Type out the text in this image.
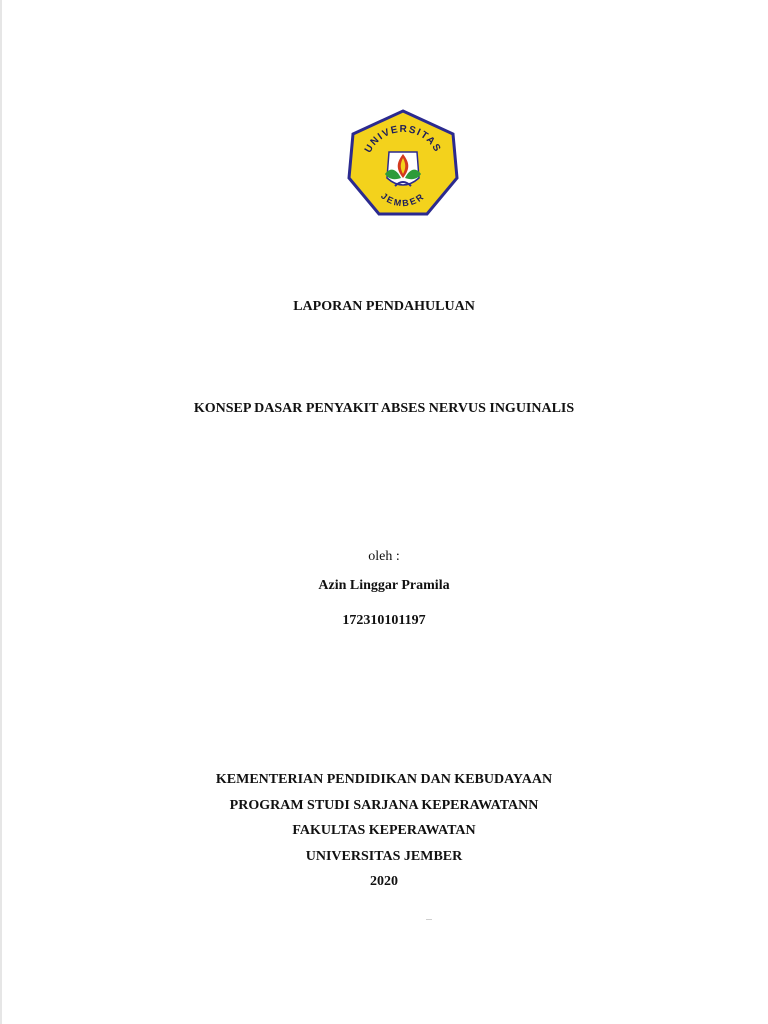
UNIVERSITAS
JEMBER
LAPORAN PENDAHULUAN
KONSEP DASAR PENYAKIT ABSES NERVUS INGUINALIS
oleh :
Azin Linggar Pramila
172310101197
KEMENTERIAN PENDIDIKAN DAN KEBUDAYAAN
PROGRAM STUDI SARJANA KEPERAWATANN
FAKULTAS KEPERAWATAN
UNIVERSITAS JEMBER
2020
